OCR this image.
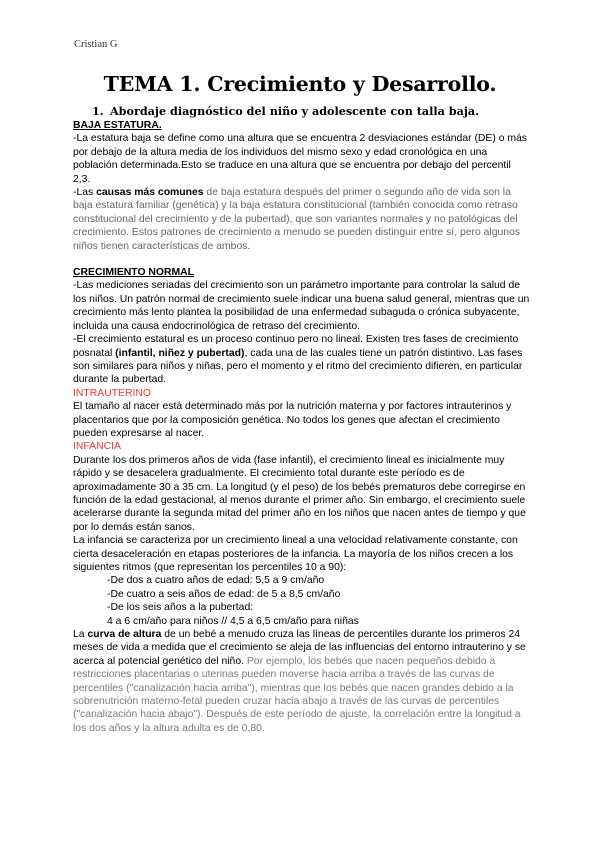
Cristian G
TEMA 1. Crecimiento y Desarrollo.
1. Abordaje diagnóstico del niño y adolescente con talla baja.

BAJA ESTATURA.

-La estatura baja se define como una altura que se encuentra 2 desviaciones estándar (DE) o más por debajo de la altura media de los individuos del mismo sexo y edad cronológica en una población determinada.Esto se traduce en una altura que se encuentra por debajo del percentil 2,3.

-Las causas más comunes de baja estatura después del primer o segundo año de vida son la baja estatura familiar (genética) y la baja estatura constitucional (también conocida como retraso constitucional del crecimiento y de la pubertad), que son variantes normales y no patológicas del crecimiento. Estos patrones de crecimiento a menudo se pueden distinguir entre sí, pero algunos niños tienen características de ambos.

CRECIMIENTO NORMAL

-Las mediciones seriadas del crecimiento son un parámetro importante para controlar la salud de los niños. Un patrón normal de crecimiento suele indicar una buena salud general, mientras que un crecimiento más lento plantea la posibilidad de una enfermedad subaguda o crónica subyacente, incluida una causa endocrinológica de retraso del crecimiento.

-El crecimiento estatural es un proceso continuo pero no lineal. Existen tres fases de crecimiento posnatal (infantil, niñez y pubertad), cada una de las cuales tiene un patrón distintivo. Las fases son similares para niños y niñas, pero el momento y el ritmo del crecimiento difieren, en particular durante la pubertad.

INTRAUTERINO

El tamaño al nacer está determinado más por la nutrición materna y por factores intrauterinos y placentarios que por la composición genética. No todos los genes que afectan el crecimiento pueden expresarse al nacer.

INFANCIA

Durante los dos primeros años de vida (fase infantil), el crecimiento lineal es inicialmente muy rápido y se desacelera gradualmente. El crecimiento total durante este período es de aproximadamente 30 a 35 cm. La longitud (y el peso) de los bebés prematuros debe corregirse en función de la edad gestacional, al menos durante el primer año. Sin embargo, el crecimiento suele acelerarse durante la segunda mitad del primer año en los niños que nacen antes de tiempo y que por lo demás están sanos.

La infancia se caracteriza por un crecimiento lineal a una velocidad relativamente constante, con cierta desaceleración en etapas posteriores de la infancia. La mayoría de los niños crecen a los siguientes ritmos (que representan los percentiles 10 a 90):

-De dos a cuatro años de edad: 5,5 a 9 cm/año

-De cuatro a seis años de edad: de 5 a 8,5 cm/año

-De los seis años a la pubertad:

4 a 6 cm/año para niños // 4,5 a 6,5 cm/año para niñas

La curva de altura de un bebé a menudo cruza las líneas de percentiles durante los primeros 24 meses de vida a medida que el crecimiento se aleja de las influencias del entorno intrauterino y se acerca al potencial genético del niño. Por ejemplo, los bebés que nacen pequeños debido a restricciones placentarias o uterinas pueden moverse hacia arriba a través de las curvas de percentiles ("canalización hacia arriba"), mientras que los bebés que nacen grandes debido a la sobrenutrición materno-fetal pueden cruzar hacia abajo a través de las curvas de percentiles ("canalización hacia abajo"). Después de este período de ajuste, la correlación entre la longitud a los dos años y la altura adulta es de 0,80.
